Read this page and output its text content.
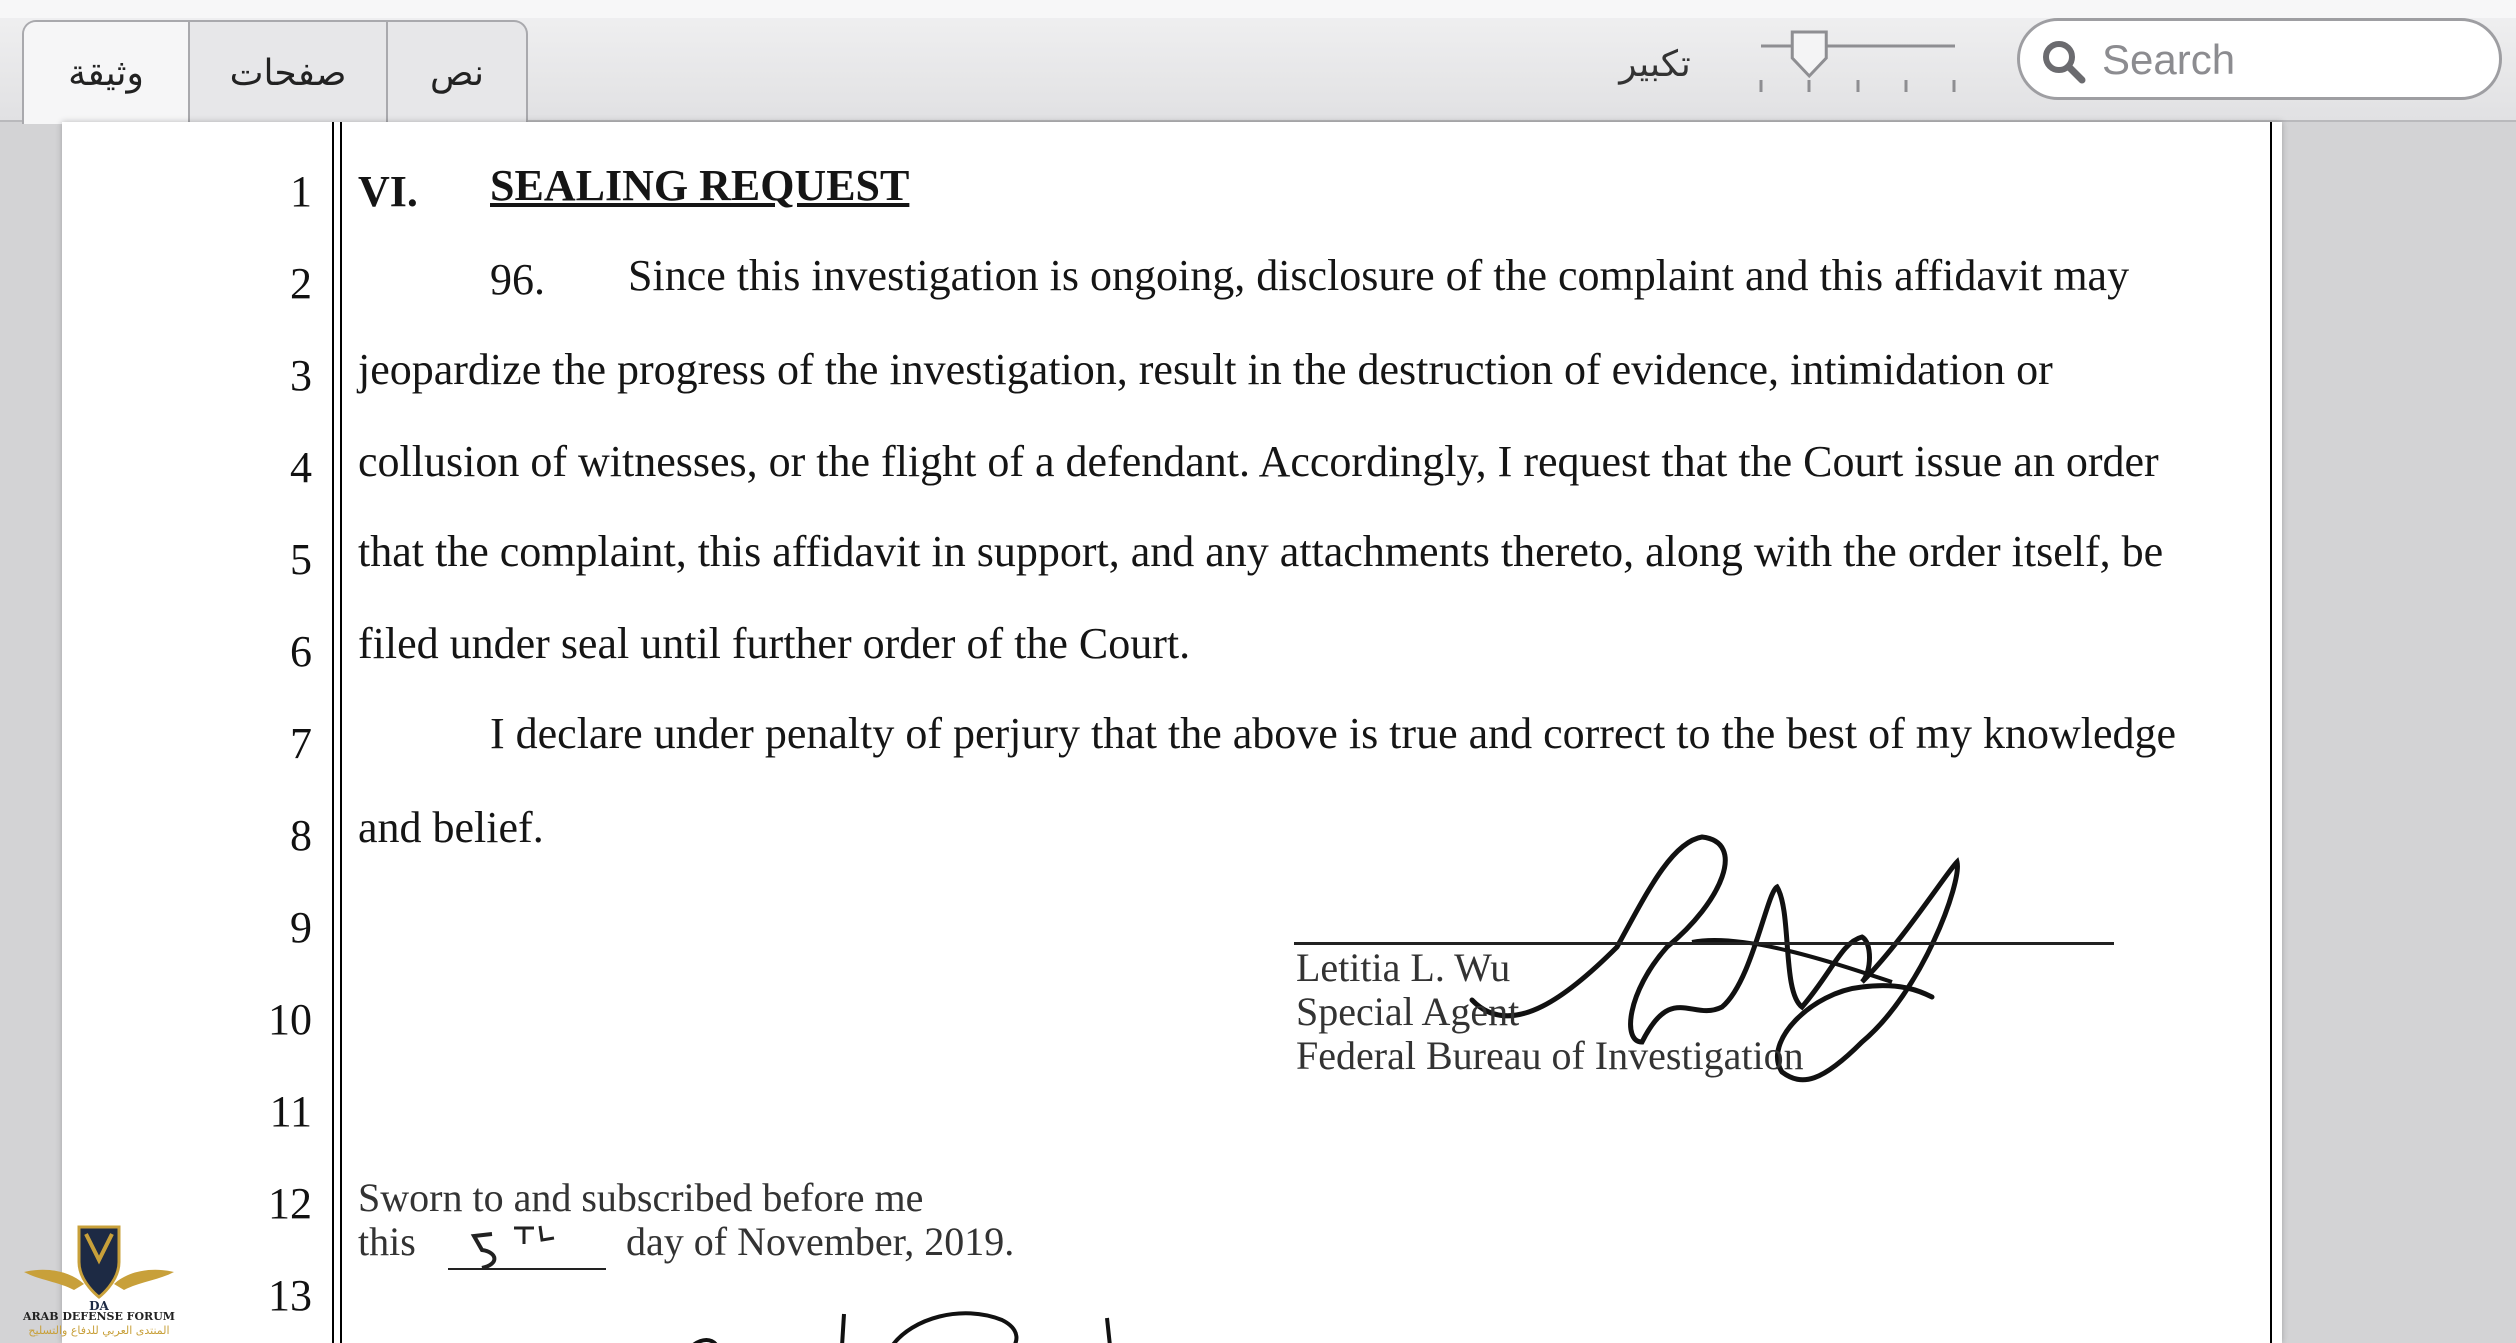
وثيقة	صفحات	نص	تكبير
Search
1
2
3
4
5
6
7
8
9
10
11
12
13
VI. SEALING REQUEST
96. Since this investigation is ongoing, disclosure of the complaint and this affidavit may
jeopardize the progress of the investigation, result in the destruction of evidence, intimidation or
collusion of witnesses, or the flight of a defendant. Accordingly, I request that the Court issue an order
that the complaint, this affidavit in support, and any attachments thereto, along with the order itself, be
filed under seal until further order of the Court.
I declare under penalty of perjury that the above is true and correct to the best of my knowledge
and belief.
Letitia L. Wu
Special Agent
Federal Bureau of Investigation
Sworn to and subscribed before me
this	day of November, 2019.
DA
ARAB DEFENSE FORUM
المنتدى العربي للدفاع والتسليح
